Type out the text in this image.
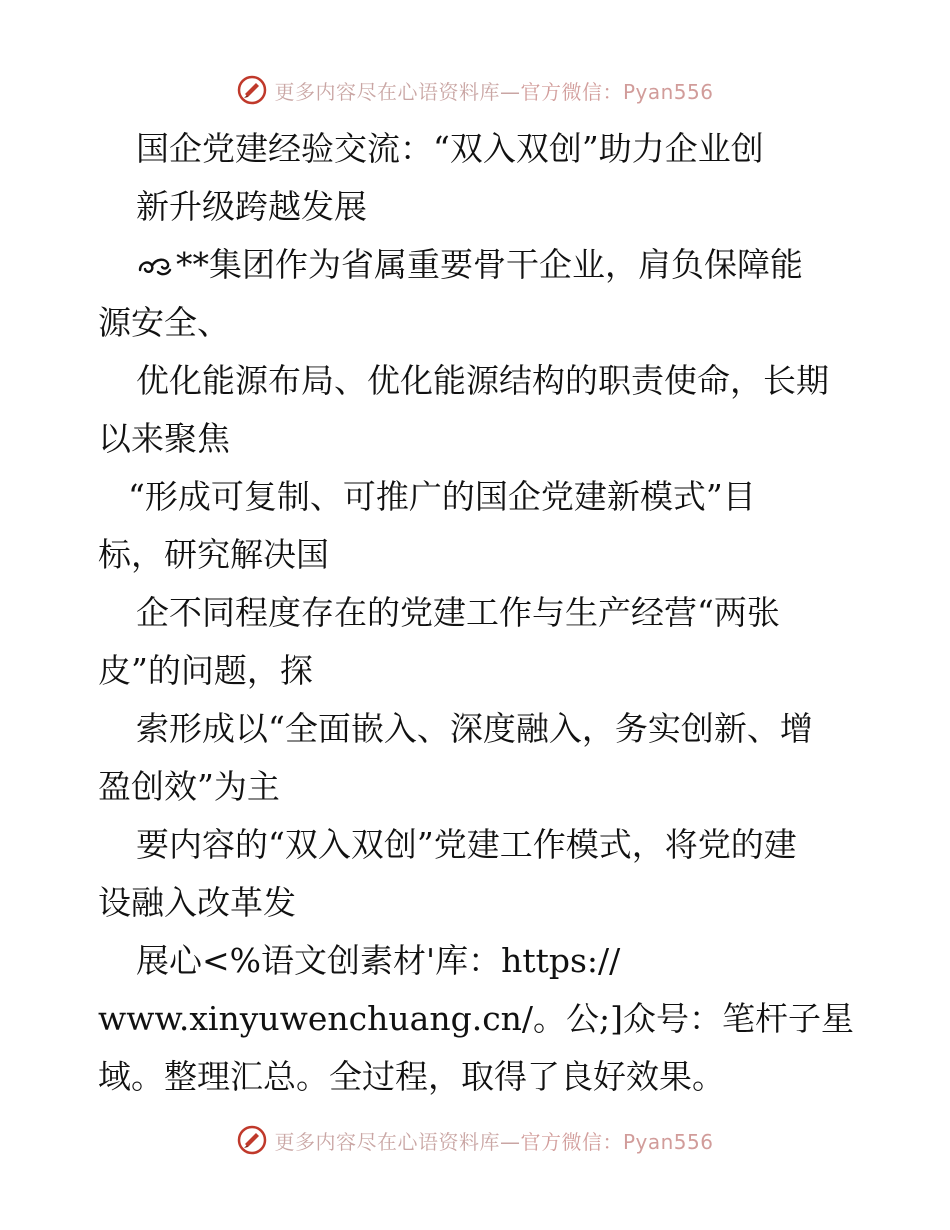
更多内容尽在心语资料库—官方微信：Pyan556
国企党建经验交流：“双入双创”助力企业创
新升级跨越发展
**集团作为省属重要骨干企业，肩负保障能
源安全、
优化能源布局、优化能源结构的职责使命，长期
以来聚焦
“形成可复制、可推广的国企党建新模式”目
标，研究解决国
企不同程度存在的党建工作与生产经营“两张
皮”的问题，探
索形成以“全面嵌入、深度融入，务实创新、增
盈创效”为主
要内容的“双入双创”党建工作模式，将党的建
设融入改革发
展心<%语文创素材'库：https://
www.xinyuwenchuang.cn/。公;]众号：笔杆子星
域。整理汇总。全过程，取得了良好效果。
更多内容尽在心语资料库—官方微信：Pyan556
